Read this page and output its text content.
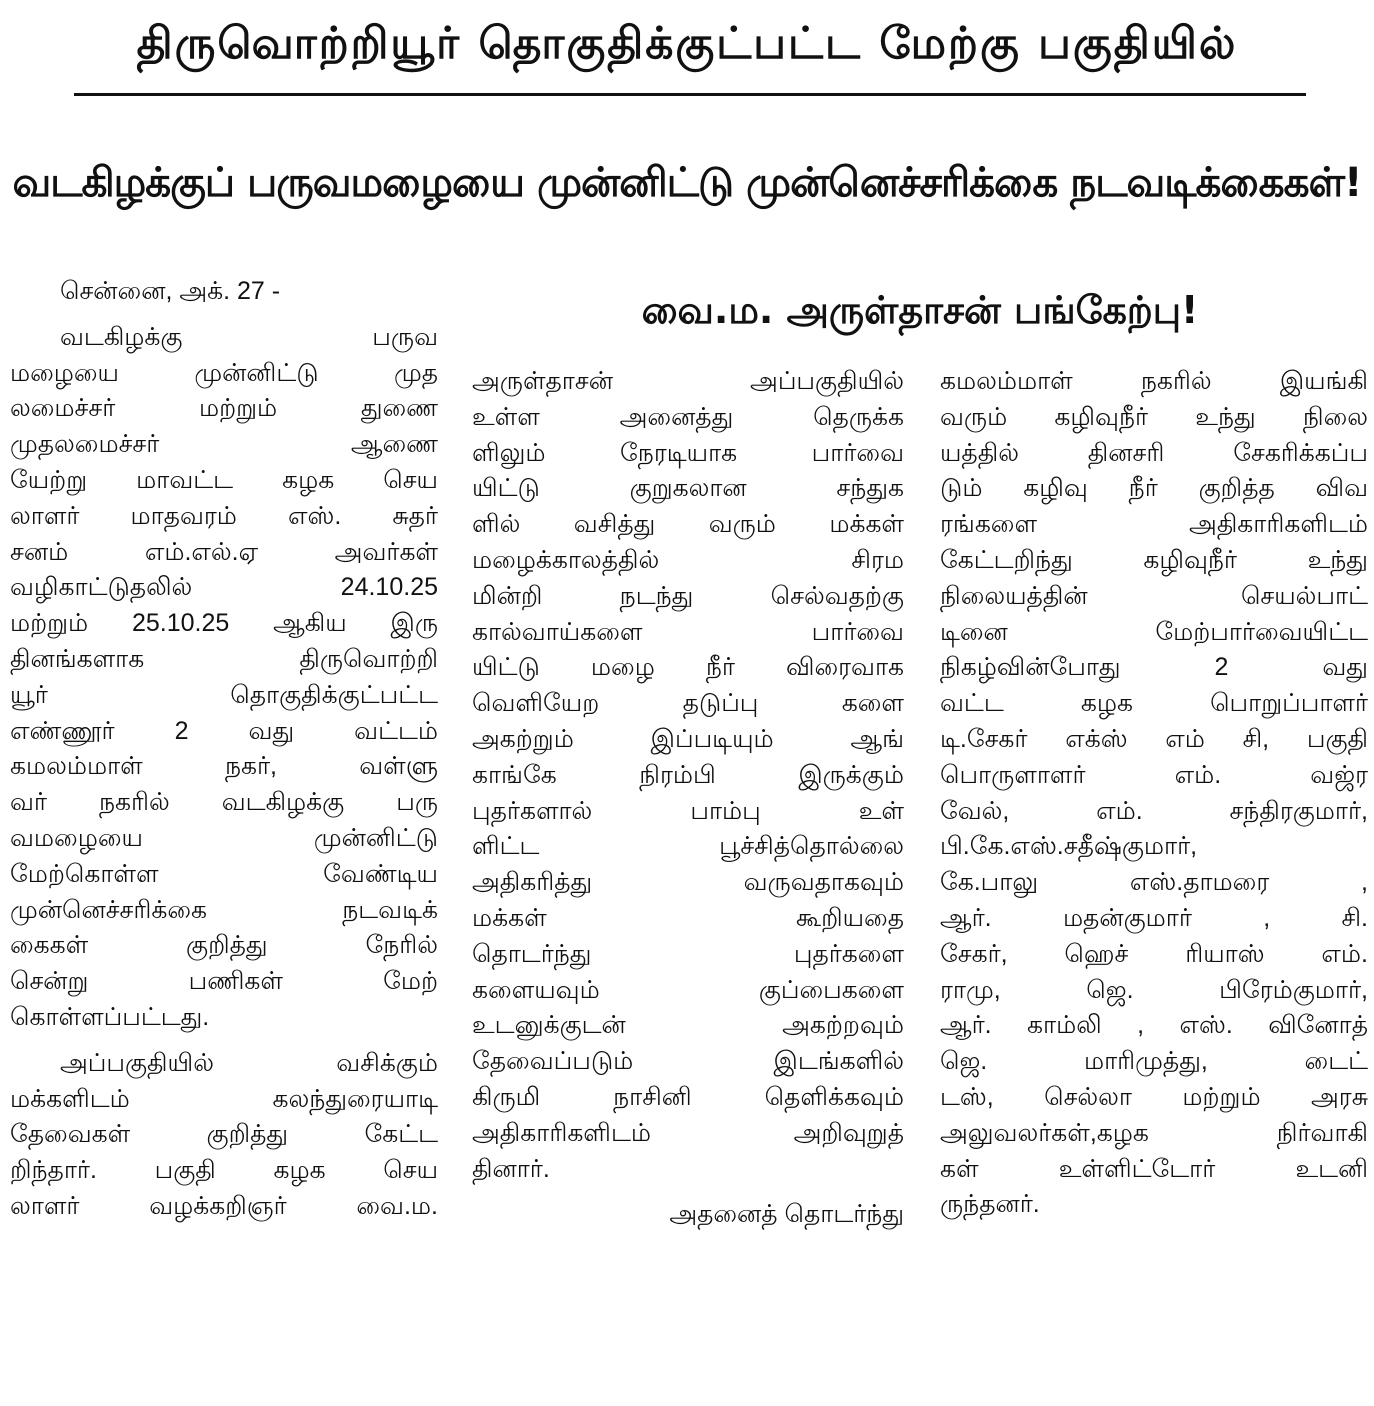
திருவொற்றியூர் தொகுதிக்குட்பட்ட மேற்கு பகுதியில்
வடகிழக்குப் பருவமழையை முன்னிட்டு முன்னெச்சரிக்கை நடவடிக்கைகள்!
வை.ம. அருள்தாசன் பங்கேற்பு!
சென்னை, அக். 27 -
வடகிழக்கு பருவ
மழையை முன்னிட்டு முத
லமைச்சர் மற்றும் துணை
முதலமைச்சர் ஆணை
யேற்று மாவட்ட கழக செய
லாளர் மாதவரம் எஸ். சுதர்
சனம் எம்.எல்.ஏ அவர்கள்
வழிகாட்டுதலில் 24.10.25
மற்றும் 25.10.25 ஆகிய இரு
தினங்களாக திருவொற்றி
யூர் தொகுதிக்குட்பட்ட
எண்ணூர் 2 வது வட்டம்
கமலம்மாள் நகர், வள்ளு
வர் நகரில் வடகிழக்கு பரு
வமழையை முன்னிட்டு
மேற்கொள்ள வேண்டிய
முன்னெச்சரிக்கை நடவடிக்
கைகள் குறித்து நேரில்
சென்று பணிகள் மேற்
கொள்ளப்பட்டது.
அப்பகுதியில் வசிக்கும்
மக்களிடம் கலந்துரையாடி
தேவைகள் குறித்து கேட்ட
றிந்தார். பகுதி கழக செய
லாளர் வழக்கறிஞர் வை.ம.
அருள்தாசன் அப்பகுதியில்
உள்ள அனைத்து தெருக்க
ளிலும் நேரடியாக பார்வை
யிட்டு குறுகலான சந்துக
ளில் வசித்து வரும் மக்கள்
மழைக்காலத்தில் சிரம
மின்றி நடந்து செல்வதற்கு
கால்வாய்களை பார்வை
யிட்டு மழை நீர் விரைவாக
வெளியேற தடுப்பு களை
அகற்றும் இப்படியும் ஆங்
காங்கே நிரம்பி இருக்கும்
புதர்களால் பாம்பு உள்
ளிட்ட பூச்சித்தொல்லை
அதிகரித்து வருவதாகவும்
மக்கள் கூறியதை
தொடர்ந்து புதர்களை
களையவும் குப்பைகளை
உடனுக்குடன் அகற்றவும்
தேவைப்படும் இடங்களில்
கிருமி நாசினி தெளிக்கவும்
அதிகாரிகளிடம் அறிவுறுத்
தினார்.
அதனைத் தொடர்ந்து
கமலம்மாள் நகரில் இயங்கி
வரும் கழிவுநீர் உந்து நிலை
யத்தில் தினசரி சேகரிக்கப்ப
டும் கழிவு நீர் குறித்த விவ
ரங்களை அதிகாரிகளிடம்
கேட்டறிந்து கழிவுநீர் உந்து
நிலையத்தின் செயல்பாட்
டினை மேற்பார்வையிட்ட
நிகழ்வின்போது 2 வது
வட்ட கழக பொறுப்பாளர்
டி.சேகர் எக்ஸ் எம் சி, பகுதி
பொருளாளர் எம். வஜ்ர
வேல், எம். சந்திரகுமார்,
பி.கே.எஸ்.சதீஷ்குமார்,
கே.பாலு எஸ்.தாமரை ,
ஆர். மதன்குமார் , சி.
சேகர், ஹெச் ரியாஸ் எம்.
ராமு, ஜெ. பிரேம்குமார்,
ஆர். காம்லி , எஸ். வினோத்
ஜெ. மாரிமுத்து, டைட்
டஸ், செல்லா மற்றும் அரசு
அலுவலர்கள்,கழக நிர்வாகி
கள் உள்ளிட்டோர் உடனி
ருந்தனர்.
